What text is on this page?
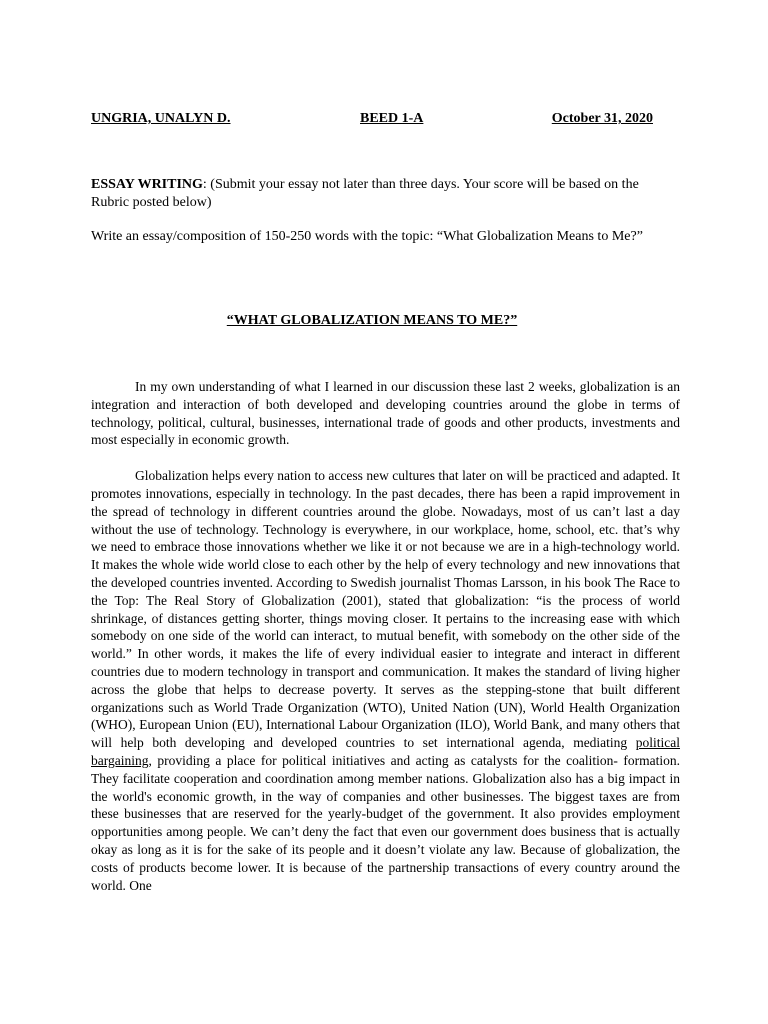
UNGRIA, UNALYN D.	BEED 1-A	October 31, 2020
ESSAY WRITING: (Submit your essay not later than three days. Your score will be based on the Rubric posted below)
Write an essay/composition of 150-250 words with the topic: “What Globalization Means to Me?”
“WHAT GLOBALIZATION MEANS TO ME?”

In my own understanding of what I learned in our discussion these last 2 weeks, globalization is an integration and interaction of both developed and developing countries around the globe in terms of technology, political, cultural, businesses, international trade of goods and other products, investments and most especially in economic growth.

Globalization helps every nation to access new cultures that later on will be practiced and adapted. It promotes innovations, especially in technology. In the past decades, there has been a rapid improvement in the spread of technology in different countries around the globe. Nowadays, most of us can’t last a day without the use of technology. Technology is everywhere, in our workplace, home, school, etc. that’s why we need to embrace those innovations whether we like it or not because we are in a high-technology world. It makes the whole wide world close to each other by the help of every technology and new innovations that the developed countries invented. According to Swedish journalist Thomas Larsson, in his book The Race to the Top: The Real Story of Globalization (2001), stated that globalization: “is the process of world shrinkage, of distances getting shorter, things moving closer. It pertains to the increasing ease with which somebody on one side of the world can interact, to mutual benefit, with somebody on the other side of the world.” In other words, it makes the life of every individual easier to integrate and interact in different countries due to modern technology in transport and communication. It makes the standard of living higher across the globe that helps to decrease poverty. It serves as the stepping-stone that built different organizations such as World Trade Organization (WTO), United Nation (UN), World Health Organization (WHO), European Union (EU), International Labour Organization (ILO), World Bank, and many others that will help both developing and developed countries to set international agenda, mediating political bargaining, providing a place for political initiatives and acting as catalysts for the coalition- formation. They facilitate cooperation and coordination among member nations. Globalization also has a big impact in the world's economic growth, in the way of companies and other businesses. The biggest taxes are from these businesses that are reserved for the yearly-budget of the government. It also provides employment opportunities among people. We can’t deny the fact that even our government does business that is actually okay as long as it is for the sake of its people and it doesn’t violate any law. Because of globalization, the costs of products become lower. It is because of the partnership transactions of every country around the world. One
